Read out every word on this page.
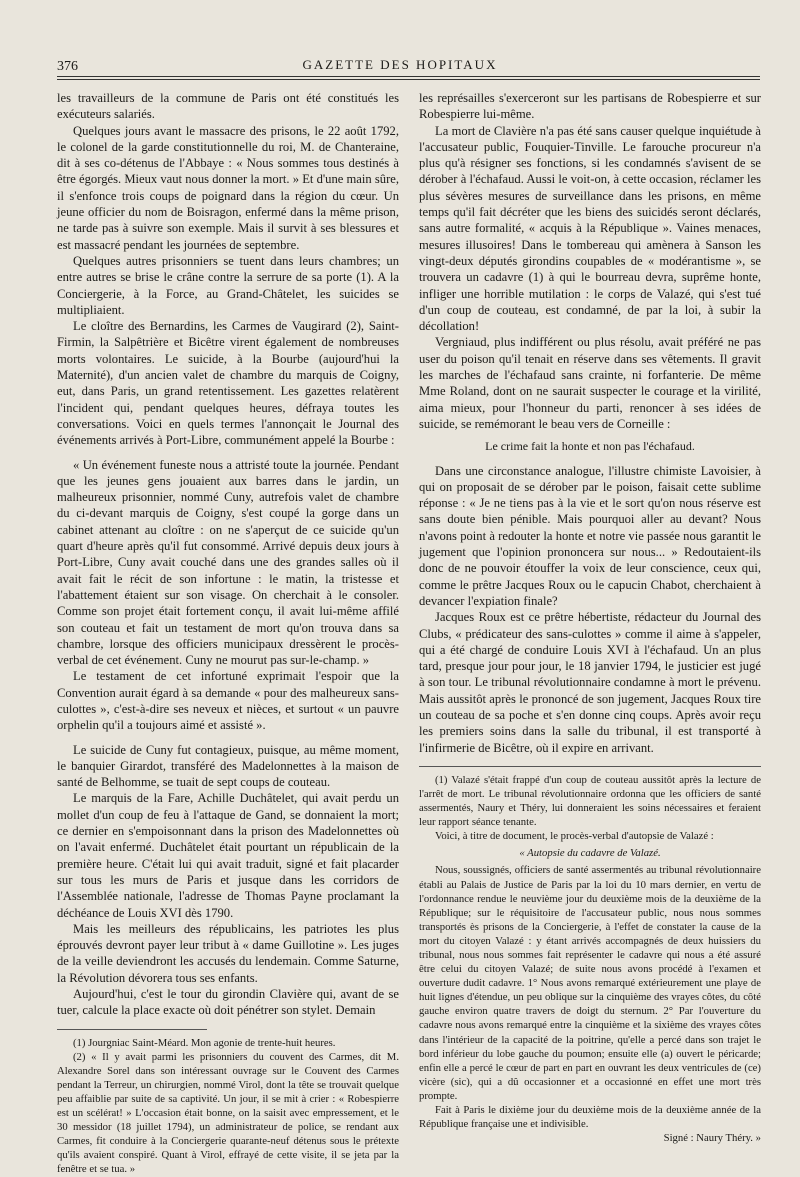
376	GAZETTE DES HOPITAUX

les travailleurs de la commune de Paris ont été constitués les exécuteurs salariés.

Quelques jours avant le massacre des prisons, le 22 août 1792, le colonel de la garde constitutionnelle du roi, M. de Chanteraine, dit à ses co-détenus de l'Abbaye : « Nous sommes tous destinés à être égorgés. Mieux vaut nous donner la mort. » Et d'une main sûre, il s'enfonce trois coups de poignard dans la région du cœur. Un jeune officier du nom de Boisragon, enfermé dans la même prison, ne tarde pas à suivre son exemple. Mais il survit à ses blessures et est massacré pendant les journées de septembre.

Quelques autres prisonniers se tuent dans leurs chambres; un entre autres se brise le crâne contre la serrure de sa porte (1). A la Conciergerie, à la Force, au Grand-Châtelet, les suicides se multipliaient.

Le cloître des Bernardins, les Carmes de Vaugirard (2), Saint-Firmin, la Salpêtrière et Bicêtre virent également de nombreuses morts volontaires. Le suicide, à la Bourbe (aujourd'hui la Maternité), d'un ancien valet de chambre du marquis de Coigny, eut, dans Paris, un grand retentissement. Les gazettes relatèrent l'incident qui, pendant quelques heures, défraya toutes les conversations. Voici en quels termes l'annonçait le Journal des événements arrivés à Port-Libre, communément appelé la Bourbe :

« Un événement funeste nous a attristé toute la journée. Pendant que les jeunes gens jouaient aux barres dans le jardin, un malheureux prisonnier, nommé Cuny, autrefois valet de chambre du ci-devant marquis de Coigny, s'est coupé la gorge dans un cabinet attenant au cloître : on ne s'aperçut de ce suicide qu'un quart d'heure après qu'il fut consommé. Arrivé depuis deux jours à Port-Libre, Cuny avait couché dans une des grandes salles où il avait fait le récit de son infortune : le matin, la tristesse et l'abattement étaient sur son visage. On cherchait à le consoler. Comme son projet était fortement conçu, il avait lui-même affilé son couteau et fait un testament de mort qu'on trouva dans sa chambre, lorsque des officiers municipaux dressèrent le procès-verbal de cet événement. Cuny ne mourut pas sur-le-champ. »

Le testament de cet infortuné exprimait l'espoir que la Convention aurait égard à sa demande « pour des malheureux sans-culottes », c'est-à-dire ses neveux et nièces, et surtout « un pauvre orphelin qu'il a toujours aimé et assisté ».

Le suicide de Cuny fut contagieux, puisque, au même moment, le banquier Girardot, transféré des Madelonnettes à la maison de santé de Belhomme, se tuait de sept coups de couteau.

Le marquis de la Fare, Achille Duchâtelet, qui avait perdu un mollet d'un coup de feu à l'attaque de Gand, se donnaient la mort; ce dernier en s'empoisonnant dans la prison des Madelonnettes où on l'avait enfermé. Duchâtelet était pourtant un républicain de la première heure. C'était lui qui avait traduit, signé et fait placarder sur tous les murs de Paris et jusque dans les corridors de l'Assemblée nationale, l'adresse de Thomas Payne proclamant la déchéance de Louis XVI dès 1790.

Mais les meilleurs des républicains, les patriotes les plus éprouvés devront payer leur tribut à « dame Guillotine ». Les juges de la veille deviendront les accusés du lendemain. Comme Saturne, la Révolution dévorera tous ses enfants.

Aujourd'hui, c'est le tour du girondin Clavière qui, avant de se tuer, calcule la place exacte où doit pénétrer son stylet. Demain

(1) Jourgniac Saint-Méard. Mon agonie de trente-huit heures.

(2) « Il y avait parmi les prisonniers du couvent des Carmes, dit M. Alexandre Sorel dans son intéressant ouvrage sur le Couvent des Carmes pendant la Terreur, un chirurgien, nommé Virol, dont la tête se trouvait quelque peu affaiblie par suite de sa captivité. Un jour, il se mit à crier : « Robespierre est un scélérat! » L'occasion était bonne, on la saisit avec empressement, et le 30 messidor (18 juillet 1794), un administrateur de police, se rendant aux Carmes, fit conduire à la Conciergerie quarante-neuf détenus sous le prétexte qu'ils avaient conspiré. Quant à Virol, effrayé de cette visite, il se jeta par la fenêtre et se tua. »

les représailles s'exerceront sur les partisans de Robespierre et sur Robespierre lui-même.

La mort de Clavière n'a pas été sans causer quelque inquiétude à l'accusateur public, Fouquier-Tinville. Le farouche procureur n'a plus qu'à résigner ses fonctions, si les condamnés s'avisent de se dérober à l'échafaud. Aussi le voit-on, à cette occasion, réclamer les plus sévères mesures de surveillance dans les prisons, en même temps qu'il fait décréter que les biens des suicidés seront déclarés, sans autre formalité, « acquis à la République ». Vaines menaces, mesures illusoires! Dans le tombereau qui amènera à Sanson les vingt-deux députés girondins coupables de « modérantisme », se trouvera un cadavre (1) à qui le bourreau devra, suprême honte, infliger une horrible mutilation : le corps de Valazé, qui s'est tué d'un coup de couteau, est condamné, de par la loi, à subir la décollation!

Vergniaud, plus indifférent ou plus résolu, avait préféré ne pas user du poison qu'il tenait en réserve dans ses vêtements. Il gravit les marches de l'échafaud sans crainte, ni forfanterie. De même Mme Roland, dont on ne saurait suspecter le courage et la virilité, aima mieux, pour l'honneur du parti, renoncer à ses idées de suicide, se remémorant le beau vers de Corneille :

Le crime fait la honte et non pas l'échafaud.

Dans une circonstance analogue, l'illustre chimiste Lavoisier, à qui on proposait de se dérober par le poison, faisait cette sublime réponse : « Je ne tiens pas à la vie et le sort qu'on nous réserve est sans doute bien pénible. Mais pourquoi aller au devant? Nous n'avons point à redouter la honte et notre vie passée nous garantit le jugement que l'opinion prononcera sur nous... » Redoutaient-ils donc de ne pouvoir étouffer la voix de leur conscience, ceux qui, comme le prêtre Jacques Roux ou le capucin Chabot, cherchaient à devancer l'expiation finale?

Jacques Roux est ce prêtre hébertiste, rédacteur du Journal des Clubs, « prédicateur des sans-culottes » comme il aime à s'appeler, qui a été chargé de conduire Louis XVI à l'échafaud. Un an plus tard, presque jour pour jour, le 18 janvier 1794, le justicier est jugé à son tour. Le tribunal révolutionnaire condamne à mort le prévenu. Mais aussitôt après le prononcé de son jugement, Jacques Roux tire un couteau de sa poche et s'en donne cinq coups. Après avoir reçu les premiers soins dans la salle du tribunal, il est transporté à l'infirmerie de Bicêtre, où il expire en arrivant.

(1) Valazé s'était frappé d'un coup de couteau aussitôt après la lecture de l'arrêt de mort. Le tribunal révolutionnaire ordonna que les officiers de santé assermentés, Naury et Théry, lui donneraient les soins nécessaires et feraient leur rapport séance tenante.

Voici, à titre de document, le procès-verbal d'autopsie de Valazé :

« Autopsie du cadavre de Valazé.

Nous, soussignés, officiers de santé assermentés au tribunal révolutionnaire établi au Palais de Justice de Paris par la loi du 10 mars dernier, en vertu de l'ordonnance rendue le neuvième jour du deuxième mois de la deuxième de la République; sur le réquisitoire de l'accusateur public, nous nous sommes transportés ès prisons de la Conciergerie, à l'effet de constater la cause de la mort du citoyen Valazé : y étant arrivés accompagnés de deux huissiers du tribunal, nous nous sommes fait représenter le cadavre qui nous a été assuré être celui du citoyen Valazé; de suite nous avons procédé à l'examen et ouverture dudit cadavre. 1° Nous avons remarqué extérieurement une playe de huit lignes d'étendue, un peu oblique sur la cinquième des vrayes côtes, du côté gauche environ quatre travers de doigt du sternum. 2° Par l'ouverture du cadavre nous avons remarqué entre la cinquième et la sixième des vrayes côtes dans l'intérieur de la capacité de la poitrine, qu'elle a percé dans son trajet le bord inférieur du lobe gauche du poumon; ensuite elle (a) ouvert le péricarde; enfin elle a percé le cœur de part en part en ouvrant les deux ventricules de (ce) vicère (sic), qui a dû occasionner et a occasionné en effet une mort très prompte.

Fait à Paris le dixième jour du deuxième mois de la deuxième année de la République française une et indivisible.

Signé : Naury Théry. »
